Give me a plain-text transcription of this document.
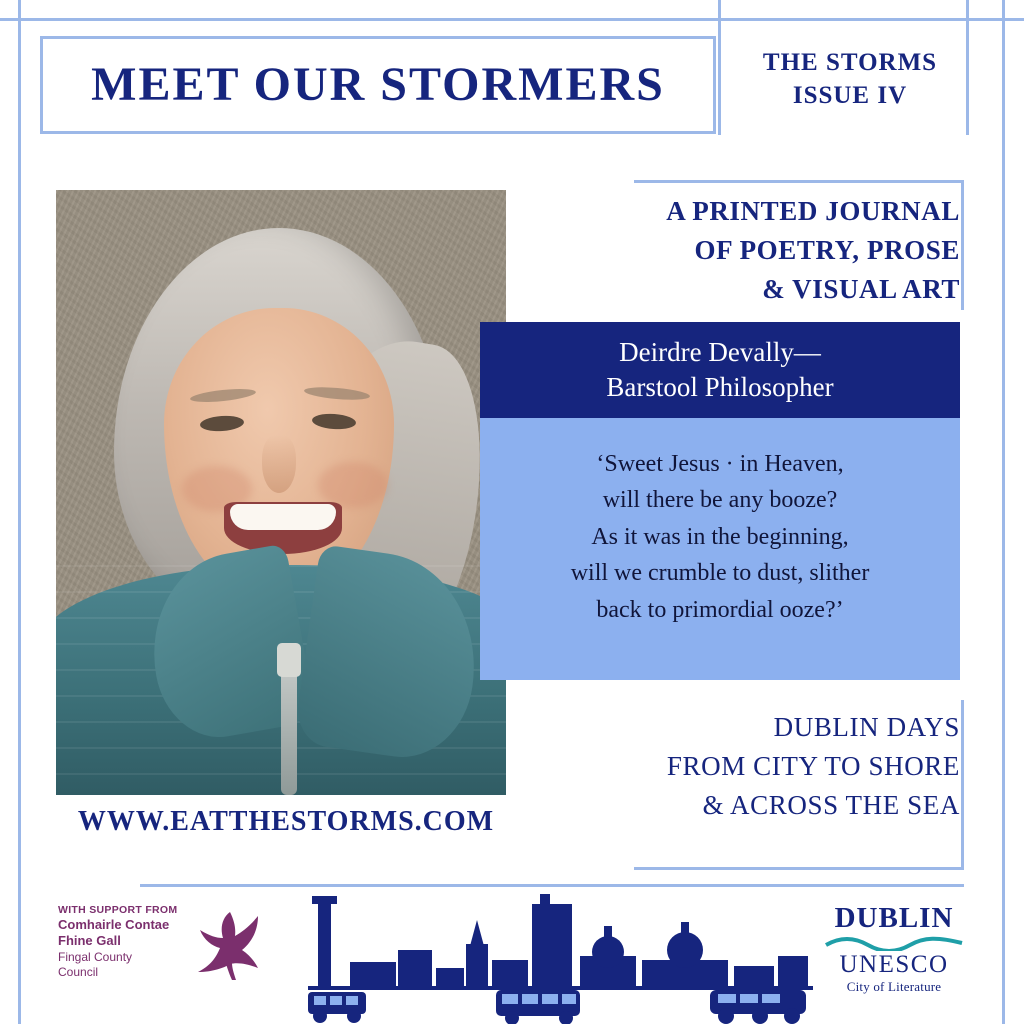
MEET OUR STORMERS	THE STORMS
ISSUE IV
A PRINTED JOURNAL
OF POETRY, PROSE
& VISUAL ART
Deirdre Devally—
Barstool Philosopher
‘Sweet Jesus · in Heaven,
will there be any booze?
As it was in the beginning,
will we crumble to dust, slither
back to primordial ooze?’
DUBLIN DAYS
FROM CITY TO SHORE
& ACROSS THE SEA
WWW.EATTHESTORMS.COM
WITH SUPPORT FROM
Comhairle Contae
Fhine Gall
Fingal County
Council
DUBLIN
UNESCO
City of Literature
